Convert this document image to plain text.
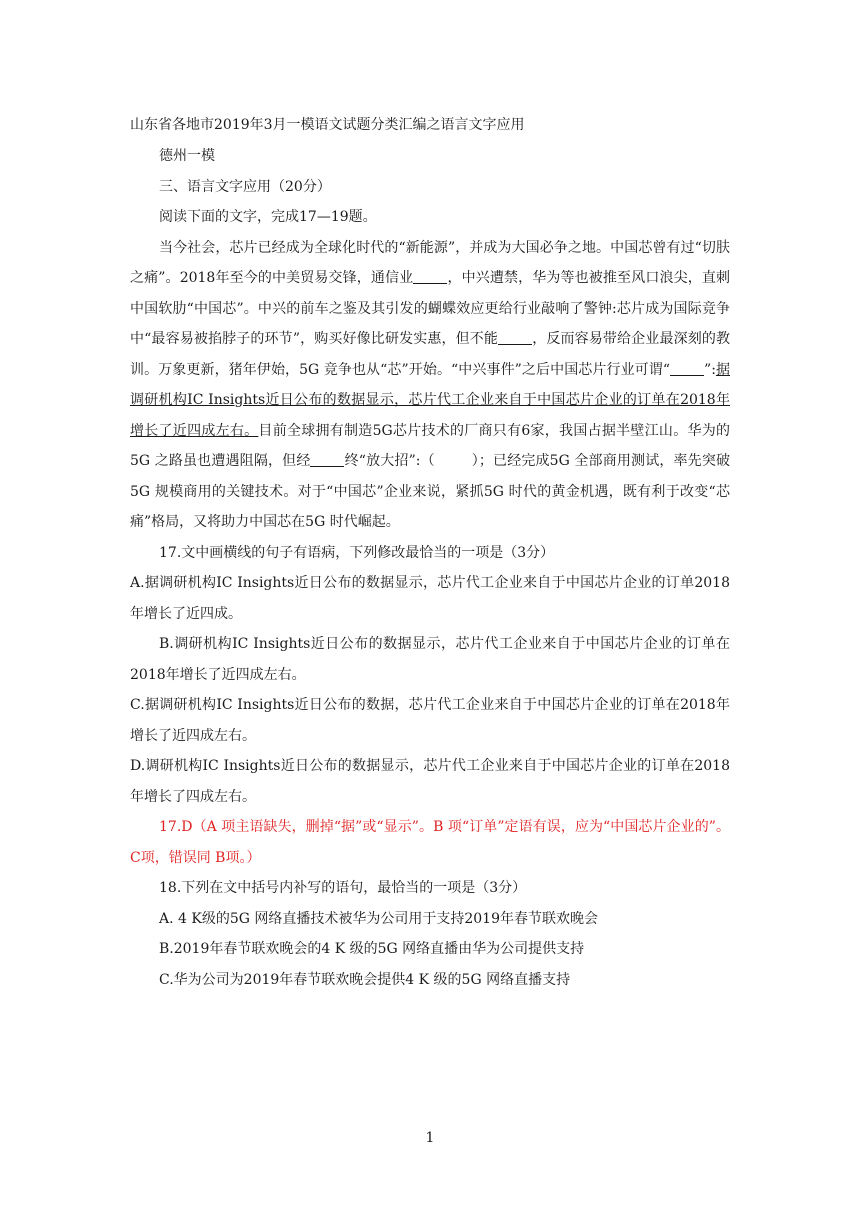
山东省各地市2019年3月一模语文试题分类汇编之语言文字应用

德州一模

三、语言文字应用（20分）

阅读下面的文字，完成17—19题。

当今社会，芯片已经成为全球化时代的“新能源”，并成为大国必争之地。中国芯曾有过“切肤之痛”。2018年至今的中美贸易交锋，通信业 ，中兴遭禁，华为等也被推至风口浪尖，直刺中国软肋“中国芯”。中兴的前车之鉴及其引发的蝴蝶效应更给行业敲响了警钟:芯片成为国际竞争中“最容易被掐脖子的环节”，购买好像比研发实惠，但不能 ，反而容易带给企业最深刻的教训。万象更新，猪年伊始，5G 竞争也从“芯”开始。“中兴事件”之后中国芯片行业可谓“ ”:据调研机构IC Insights近日公布的数据显示，芯片代工企业来自于中国芯片企业的订单在2018年增长了近四成左右。目前全球拥有制造5G芯片技术的厂商只有6家，我国占据半壁江山。华为的5G 之路虽也遭遇阻隔，但经 终“放大招”:（	）；已经完成5G 全部商用测试，率先突破5G 规模商用的关键技术。对于“中国芯”企业来说，紧抓5G 时代的黄金机遇，既有利于改变“芯痛”格局，又将助力中国芯在5G 时代崛起。

17.文中画横线的句子有语病，下列修改最恰当的一项是（3分）

A.据调研机构IC Insights近日公布的数据显示，芯片代工企业来自于中国芯片企业的订单2018年增长了近四成。

B.调研机构IC Insights近日公布的数据显示，芯片代工企业来自于中国芯片企业的订单在2018年增长了近四成左右。

C.据调研机构IC Insights近日公布的数据，芯片代工企业来自于中国芯片企业的订单在2018年增长了近四成左右。

D.调研机构IC Insights近日公布的数据显示，芯片代工企业来自于中国芯片企业的订单在2018年增长了四成左右。

17.D（A 项主语缺失，删掉“据”或“显示”。B 项“订单”定语有误，应为“中国芯片企业的”。C项，错误同 B项。）

18.下列在文中括号内补写的语句，最恰当的一项是（3分）

A. 4 K级的5G 网络直播技术被华为公司用于支持2019年春节联欢晚会

B.2019年春节联欢晚会的4 K 级的5G 网络直播由华为公司提供支持

C.华为公司为2019年春节联欢晚会提供4 K 级的5G 网络直播支持

1
